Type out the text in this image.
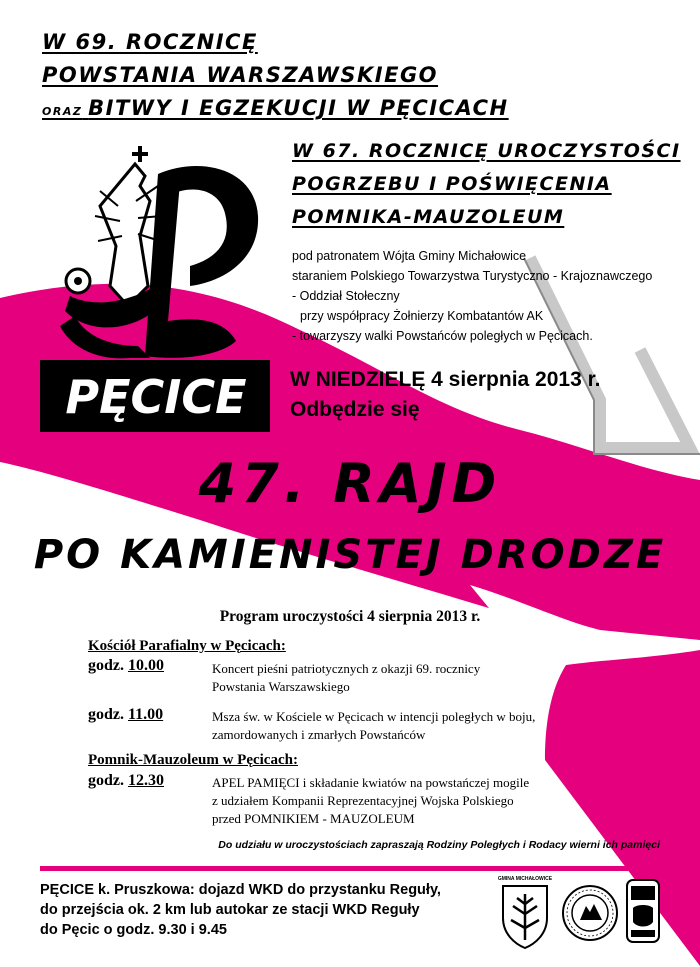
W 69. ROCZNICĘ
POWSTANIA WARSZAWSKIEGO
ORAZ BITWY I EGZEKUCJI W PĘCICACH
PĘCICE
W 67. ROCZNICĘ UROCZYSTOŚCI
POGRZEBU I POŚWIĘCENIA
POMNIKA-MAUZOLEUM
pod patronatem Wójta Gminy Michałowice
staraniem Polskiego Towarzystwa Turystyczno - Krajoznawczego
- Oddział Stołeczny
przy współpracy Żołnierzy Kombatantów AK
- towarzyszy walki Powstańców poległych w Pęcicach.
W NIEDZIELĘ 4 sierpnia 2013 r.
Odbędzie się
47. RAJD
PO KAMIENISTEJ DRODZE
Program uroczystości 4 sierpnia 2013 r.
Kościół Parafialny w Pęcicach:
godz. 10.00	Koncert pieśni patriotycznych z okazji 69. rocznicy
Powstania Warszawskiego
godz. 11.00	Msza św. w Kościele w Pęcicach w intencji poległych w boju,
zamordowanych i zmarłych Powstańców
Pomnik-Mauzoleum w Pęcicach:
godz. 12.30	APEL PAMIĘCI i składanie kwiatów na powstańczej mogile
z udziałem Kompanii Reprezentacyjnej Wojska Polskiego
przed POMNIKIEM - MAUZOLEUM
Do udziału w uroczystościach zapraszają Rodziny Poległych i Rodacy wierni ich pamięci
PĘCICE k. Pruszkowa: dojazd WKD do przystanku Reguły,
do przejścia ok. 2 km lub autokar ze stacji WKD Reguły
do Pęcic o godz. 9.30 i 9.45
GMINA MICHAŁOWICE
